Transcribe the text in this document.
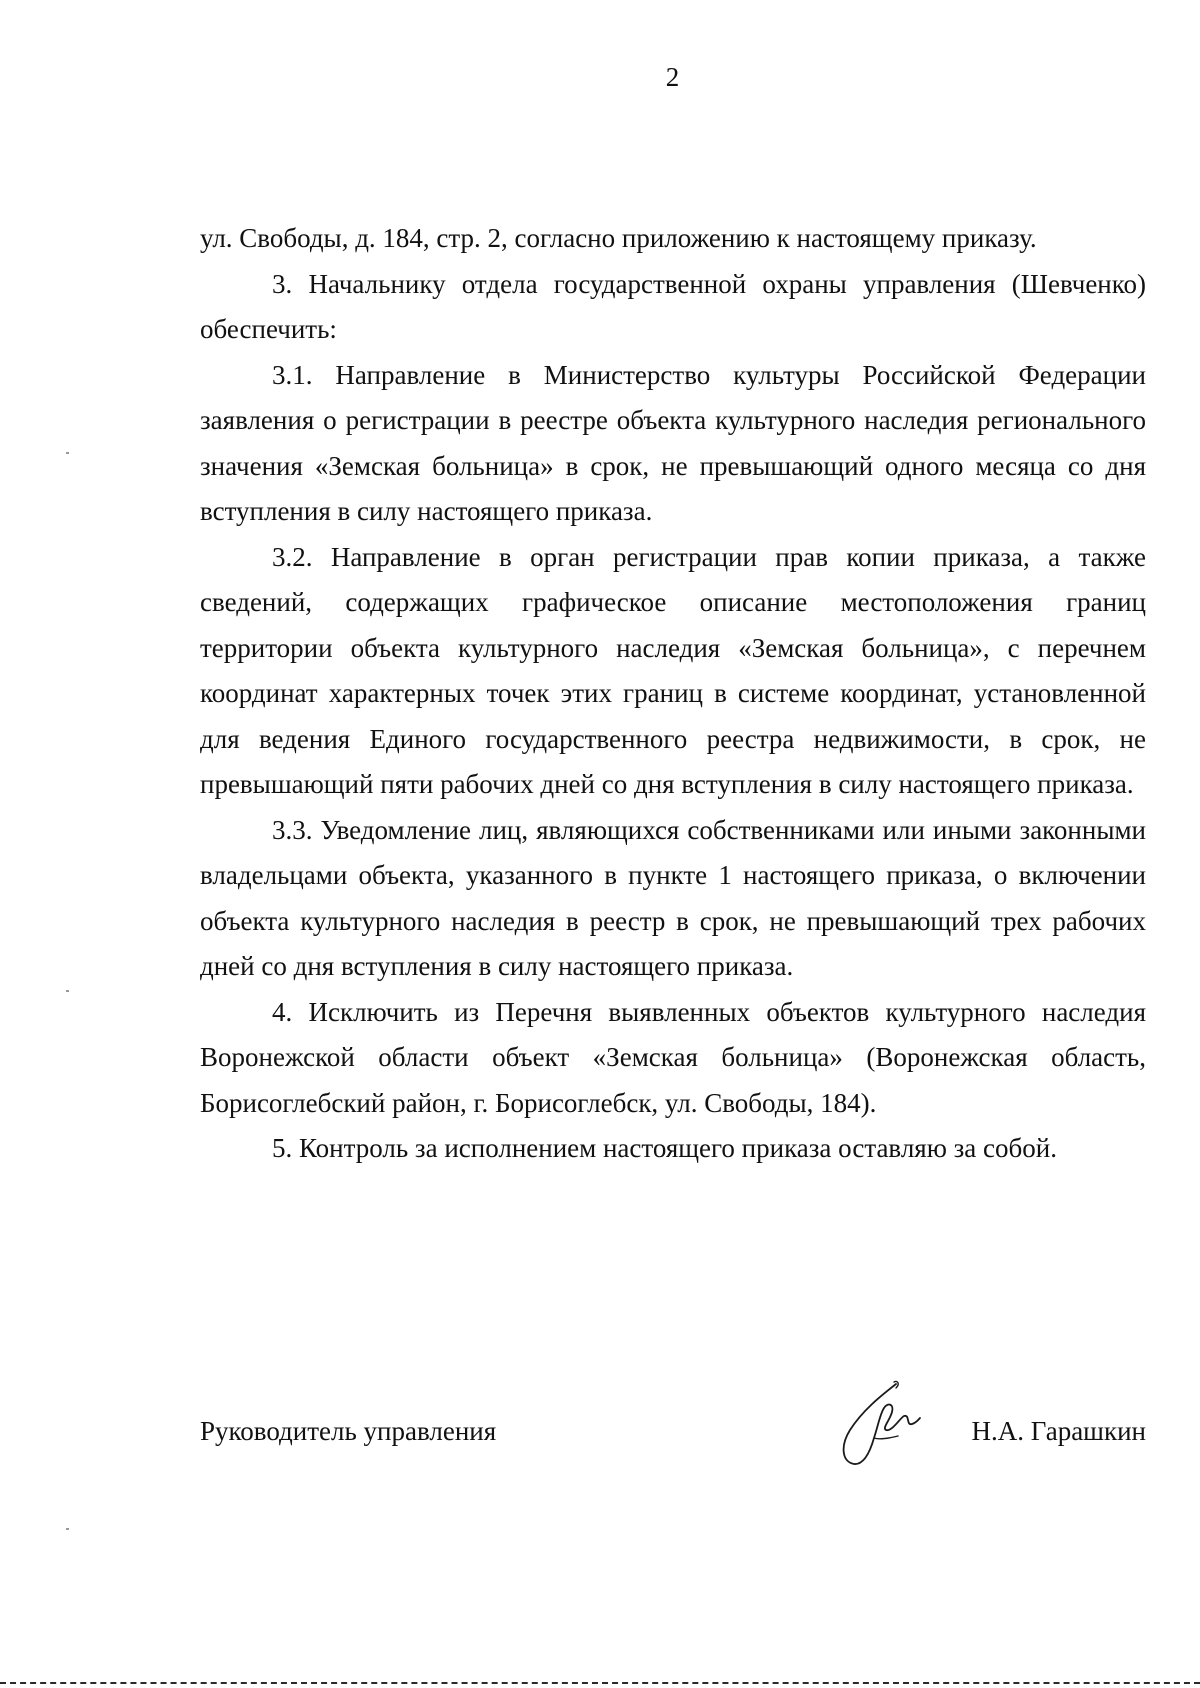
2

ул. Свободы, д. 184, стр. 2, согласно приложению к настоящему приказу.

3. Начальнику отдела государственной охраны управления (Шевченко) обеспечить:

3.1. Направление в Министерство культуры Российской Федерации заявления о регистрации в реестре объекта культурного наследия регионального значения «Земская больница» в срок, не превышающий одного месяца со дня вступления в силу настоящего приказа.

3.2. Направление в орган регистрации прав копии приказа, а также сведений, содержащих графическое описание местоположения границ территории объекта культурного наследия «Земская больница», с перечнем координат характерных точек этих границ в системе координат, установленной для ведения Единого государственного реестра недвижимости, в срок, не превышающий пяти рабочих дней со дня вступления в силу настоящего приказа.

3.3. Уведомление лиц, являющихся собственниками или иными законными владельцами объекта, указанного в пункте 1 настоящего приказа, о включении объекта культурного наследия в реестр в срок, не превышающий трех рабочих дней со дня вступления в силу настоящего приказа.

4. Исключить из Перечня выявленных объектов культурного наследия Воронежской области объект «Земская больница» (Воронежская область, Борисоглебский район, г. Борисоглебск, ул. Свободы, 184).

5. Контроль за исполнением настоящего приказа оставляю за собой.

Руководитель управления	Н.А. Гарашкин
